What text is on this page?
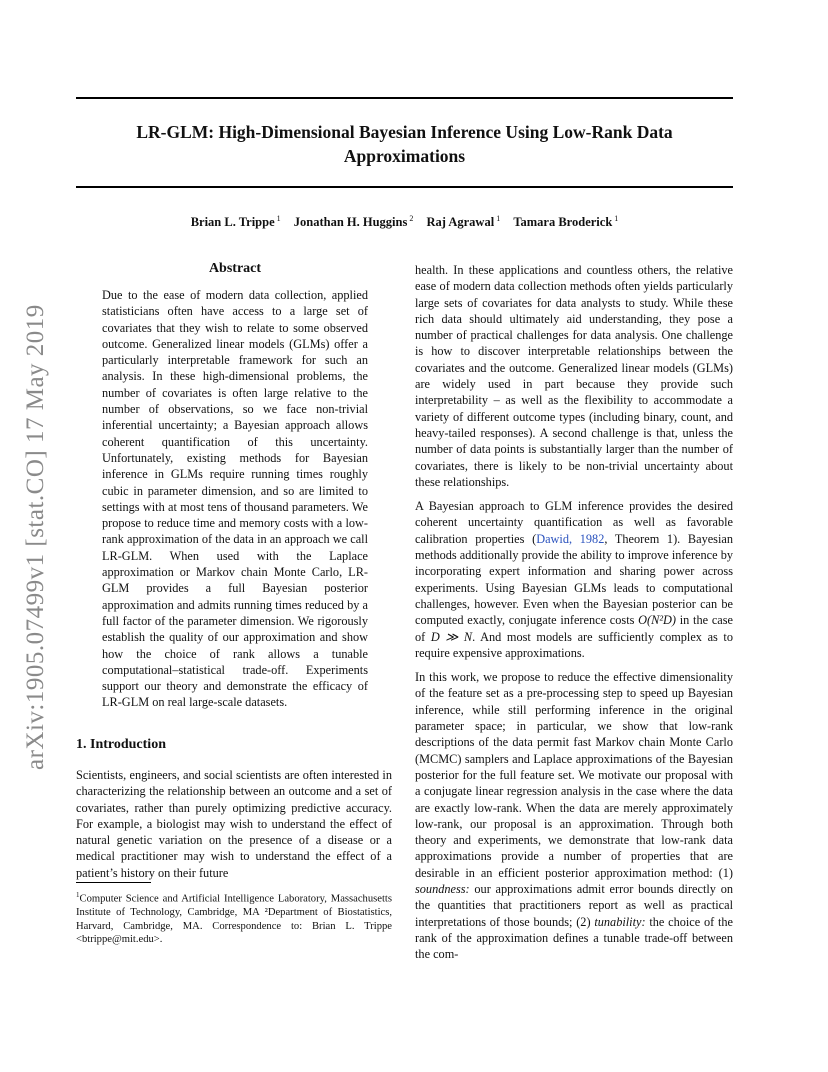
arXiv:1905.07499v1 [stat.CO] 17 May 2019
LR-GLM: High-Dimensional Bayesian Inference Using Low-Rank Data
Approximations
Brian L. Trippe $^1$ Jonathan H. Huggins $^2$ Raj Agrawal $^1$ Tamara Broderick $^1$
Abstract
Due to the ease of modern data collection, applied statisticians often have access to a large set of covariates that they wish to relate to some observed outcome. Generalized linear models (GLMs) offer a particularly interpretable framework for such an analysis. In these high-dimensional problems, the number of covariates is often large relative to the number of observations, so we face non-trivial inferential uncertainty; a Bayesian approach allows coherent quantification of this uncertainty. Unfortunately, existing methods for Bayesian inference in GLMs require running times roughly cubic in parameter dimension, and so are limited to settings with at most tens of thousand parameters. We propose to reduce time and memory costs with a low-rank approximation of the data in an approach we call LR-GLM. When used with the Laplace approximation or Markov chain Monte Carlo, LR-GLM provides a full Bayesian posterior approximation and admits running times reduced by a full factor of the parameter dimension. We rigorously establish the quality of our approximation and show how the choice of rank allows a tunable computational–statistical trade-off. Experiments support our theory and demonstrate the efficacy of LR-GLM on real large-scale datasets.
1. Introduction
Scientists, engineers, and social scientists are often interested in characterizing the relationship between an outcome and a set of covariates, rather than purely optimizing predictive accuracy. For example, a biologist may wish to understand the effect of natural genetic variation on the presence of a disease or a medical practitioner may wish to understand the effect of a patient’s history on their future
$^1$Computer Science and Artificial Intelligence Laboratory, Massachusetts Institute of Technology, Cambridge, MA ²Department of Biostatistics, Harvard, Cambridge, MA. Correspondence to: Brian L. Trippe <btrippe@mit.edu>.

health. In these applications and countless others, the relative ease of modern data collection methods often yields particularly large sets of covariates for data analysts to study. While these rich data should ultimately aid understanding, they pose a number of practical challenges for data analysis. One challenge is how to discover interpretable relationships between the covariates and the outcome. Generalized linear models (GLMs) are widely used in part because they provide such interpretability – as well as the flexibility to accommodate a variety of different outcome types (including binary, count, and heavy-tailed responses). A second challenge is that, unless the number of data points is substantially larger than the number of covariates, there is likely to be non-trivial uncertainty about these relationships.

A Bayesian approach to GLM inference provides the desired coherent uncertainty quantification as well as favorable calibration properties (Dawid, 1982, Theorem 1). Bayesian methods additionally provide the ability to improve inference by incorporating expert information and sharing power across experiments. Using Bayesian GLMs leads to computational challenges, however. Even when the Bayesian posterior can be computed exactly, conjugate inference costs O(N²D) in the case of D ≫ N. And most models are sufficiently complex as to require expensive approximations.

In this work, we propose to reduce the effective dimensionality of the feature set as a pre-processing step to speed up Bayesian inference, while still performing inference in the original parameter space; in particular, we show that low-rank descriptions of the data permit fast Markov chain Monte Carlo (MCMC) samplers and Laplace approximations of the Bayesian posterior for the full feature set. We motivate our proposal with a conjugate linear regression analysis in the case where the data are exactly low-rank. When the data are merely approximately low-rank, our proposal is an approximation. Through both theory and experiments, we demonstrate that low-rank data approximations provide a number of properties that are desirable in an efficient posterior approximation method: (1) soundness: our approximations admit error bounds directly on the quantities that practitioners report as well as practical interpretations of those bounds; (2) tunability: the choice of the rank of the approximation defines a tunable trade-off between the com-
